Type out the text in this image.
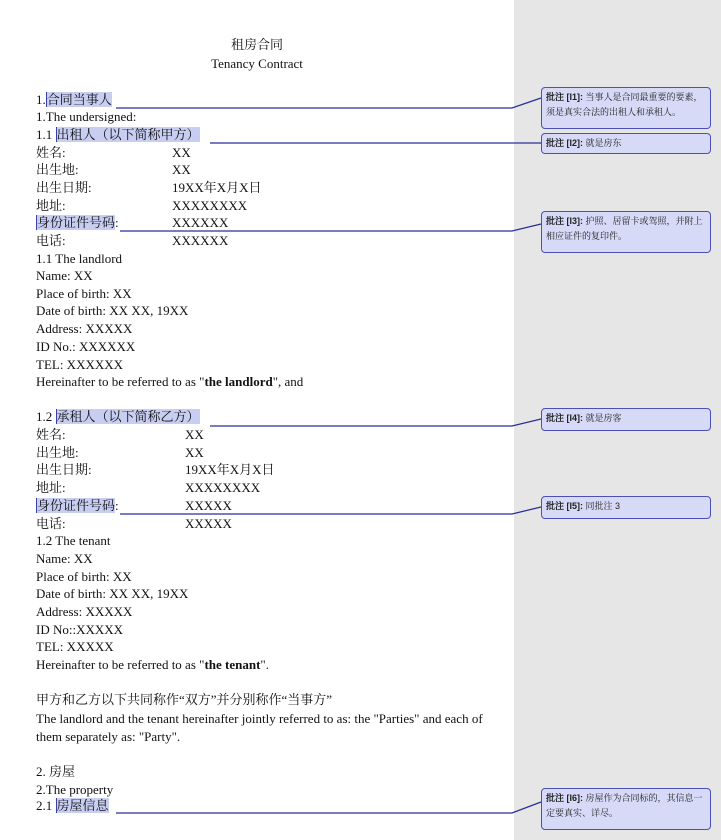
租房合同
Tenancy Contract
1.合同当事人
1.The undersigned:
1.1 出租人（以下简称甲方）
姓名:	XX
出生地:	XX
出生日期:	19XX年X月X日
地址:	XXXXXXXX
身份证件号码:	XXXXXX
电话:	XXXXXX
1.1 The landlord
Name: XX
Place of birth: XX
Date of birth: XX XX, 19XX
Address: XXXXX
ID No.: XXXXXX
TEL: XXXXXX
Hereinafter to be referred to as "the landlord", and
1.2 承租人（以下简称乙方）
姓名:	XX
出生地:	XX
出生日期:	19XX年X月X日
地址:	XXXXXXXX
身份证件号码:	XXXXX
电话:	XXXXX
1.2 The tenant
Name: XX
Place of birth: XX
Date of birth: XX XX, 19XX
Address: XXXXX
ID No::XXXXX
TEL: XXXXX
Hereinafter to be referred to as "the tenant".
甲方和乙方以下共同称作“双方”并分别称作“当事方”
The landlord and the tenant hereinafter jointly referred to as: the "Parties" and each of
them separately as: "Party".
2. 房屋
2.The property
2.1 房屋信息
批注 [I1]: 当事人是合同最重要的要素，须是真实合法的出租人和承租人。
批注 [I2]: 就是房东
批注 [I3]: 护照、居留卡或驾照，并附上相应证件的复印件。
批注 [I4]: 就是房客
批注 [I5]: 同批注 3
批注 [I6]: 房屋作为合同标的，其信息一定要真实、详尽。
